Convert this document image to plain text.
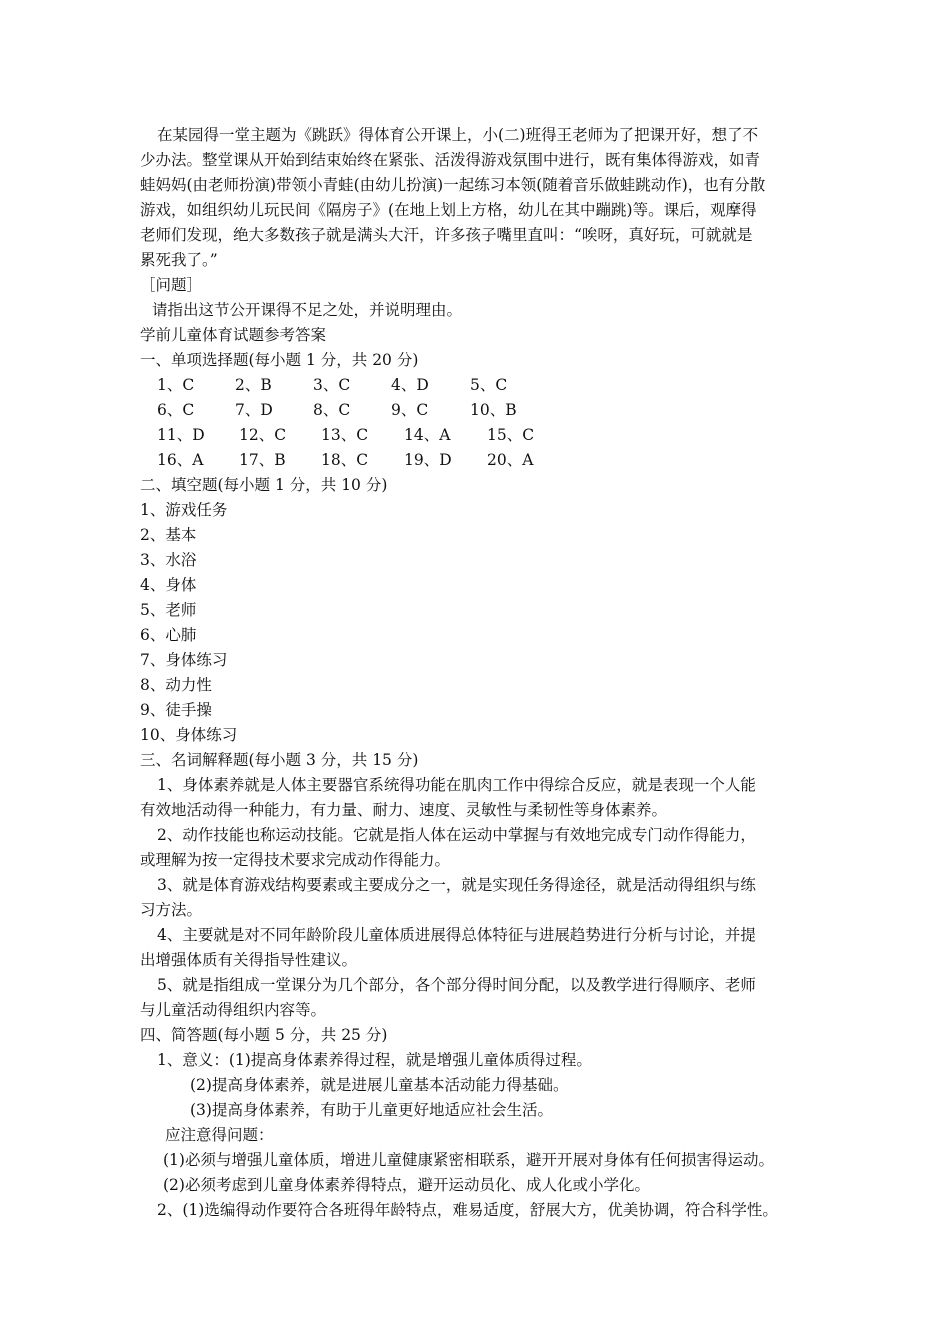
在某园得一堂主题为《跳跃》得体育公开课上，小(二)班得王老师为了把课开好，想了不
少办法。整堂课从开始到结束始终在紧张、活泼得游戏氛围中进行，既有集体得游戏，如青
蛙妈妈(由老师扮演)带领小青蛙(由幼儿扮演)一起练习本领(随着音乐做蛙跳动作)，也有分散
游戏，如组织幼儿玩民间《隔房子》(在地上划上方格，幼儿在其中蹦跳)等。课后，观摩得
老师们发现，绝大多数孩子就是满头大汗，许多孩子嘴里直叫：“唉呀，真好玩，可就就是
累死我了。”
［问题］
请指出这节公开课得不足之处，并说明理由。
学前儿童体育试题参考答案
一、单项选择题(每小题 1 分，共 20 分)
1、C	2、B	3、C	4、D	5、C
6、C	7、D	8、C	9、C	10、B
11、D 12、C 13、C 14、A 15、C
16、A 17、B 18、C 19、D 20、A
二、填空题(每小题 1 分，共 10 分)
1、游戏任务
2、基本
3、水浴
4、身体
5、老师
6、心肺
7、身体练习
8、动力性
9、徒手操
10、身体练习
三、名词解释题(每小题 3 分，共 15 分)
1、身体素养就是人体主要器官系统得功能在肌肉工作中得综合反应，就是表现一个人能
有效地活动得一种能力，有力量、耐力、速度、灵敏性与柔韧性等身体素养。
2、动作技能也称运动技能。它就是指人体在运动中掌握与有效地完成专门动作得能力，
或理解为按一定得技术要求完成动作得能力。
3、就是体育游戏结构要素或主要成分之一，就是实现任务得途径，就是活动得组织与练
习方法。
4、主要就是对不同年龄阶段儿童体质进展得总体特征与进展趋势进行分析与讨论，并提
出增强体质有关得指导性建议。
5、就是指组成一堂课分为几个部分，各个部分得时间分配，以及教学进行得顺序、老师
与儿童活动得组织内容等。
四、简答题(每小题 5 分，共 25 分)
1、意义：(1)提高身体素养得过程，就是增强儿童体质得过程。
(2)提高身体素养，就是进展儿童基本活动能力得基础。
(3)提高身体素养，有助于儿童更好地适应社会生活。
应注意得问题：
(1)必须与增强儿童体质，增进儿童健康紧密相联系，避开开展对身体有任何损害得运动。
(2)必须考虑到儿童身体素养得特点，避开运动员化、成人化或小学化。
2、(1)选编得动作要符合各班得年龄特点，难易适度，舒展大方，优美协调，符合科学性。
